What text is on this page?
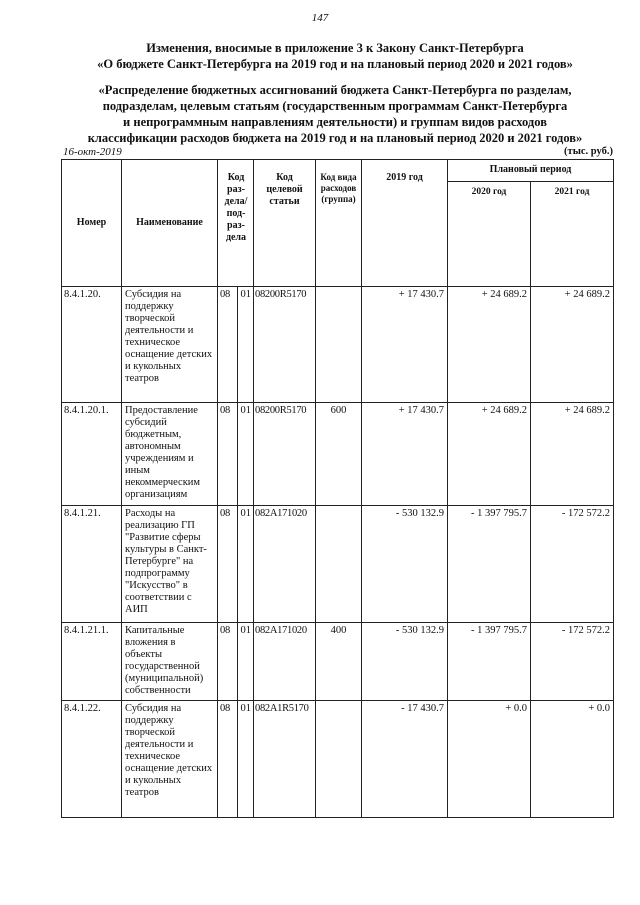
147
Изменения, вносимые в приложение 3 к Закону Санкт-Петербурга
«О бюджете Санкт-Петербурга на 2019 год и на плановый период 2020 и 2021 годов»
«Распределение бюджетных ассигнований бюджета Санкт-Петербурга по разделам,
подразделам, целевым статьям (государственным программам Санкт-Петербурга
и непрограммным направлениям деятельности) и группам видов расходов
классификации расходов бюджета на 2019 год и на плановый период 2020 и 2021 годов»
16-окт-2019	(тыс. руб.)
Номер	Наименование	Код раз-дела/ под-раз-дела		Код целевой статьи	Код вида расходов (группа)	2019 год	Плановый период	
							2020 год	2021 год
8.4.1.20.	Субсидия на поддержку творческой деятельности и техническое оснащение детских и кукольных театров	08	01	08200R5170		+ 17 430.7	+ 24 689.2	+ 24 689.2
8.4.1.20.1.	Предоставление субсидий бюджетным, автономным учреждениям и иным некоммерческим организациям	08	01	08200R5170	600	+ 17 430.7	+ 24 689.2	+ 24 689.2
8.4.1.21.	Расходы на реализацию ГП "Развитие сферы культуры в Санкт-Петербурге" на подпрограмму "Искусство" в соответствии с АИП	08	01	082A171020		- 530 132.9	- 1 397 795.7	- 172 572.2
8.4.1.21.1.	Капитальные вложения в объекты государственной (муниципальной) собственности	08	01	082A171020	400	- 530 132.9	- 1 397 795.7	- 172 572.2
8.4.1.22.	Субсидия на поддержку творческой деятельности и техническое оснащение детских и кукольных театров	08	01	082A1R5170		- 17 430.7	+ 0.0	+ 0.0
